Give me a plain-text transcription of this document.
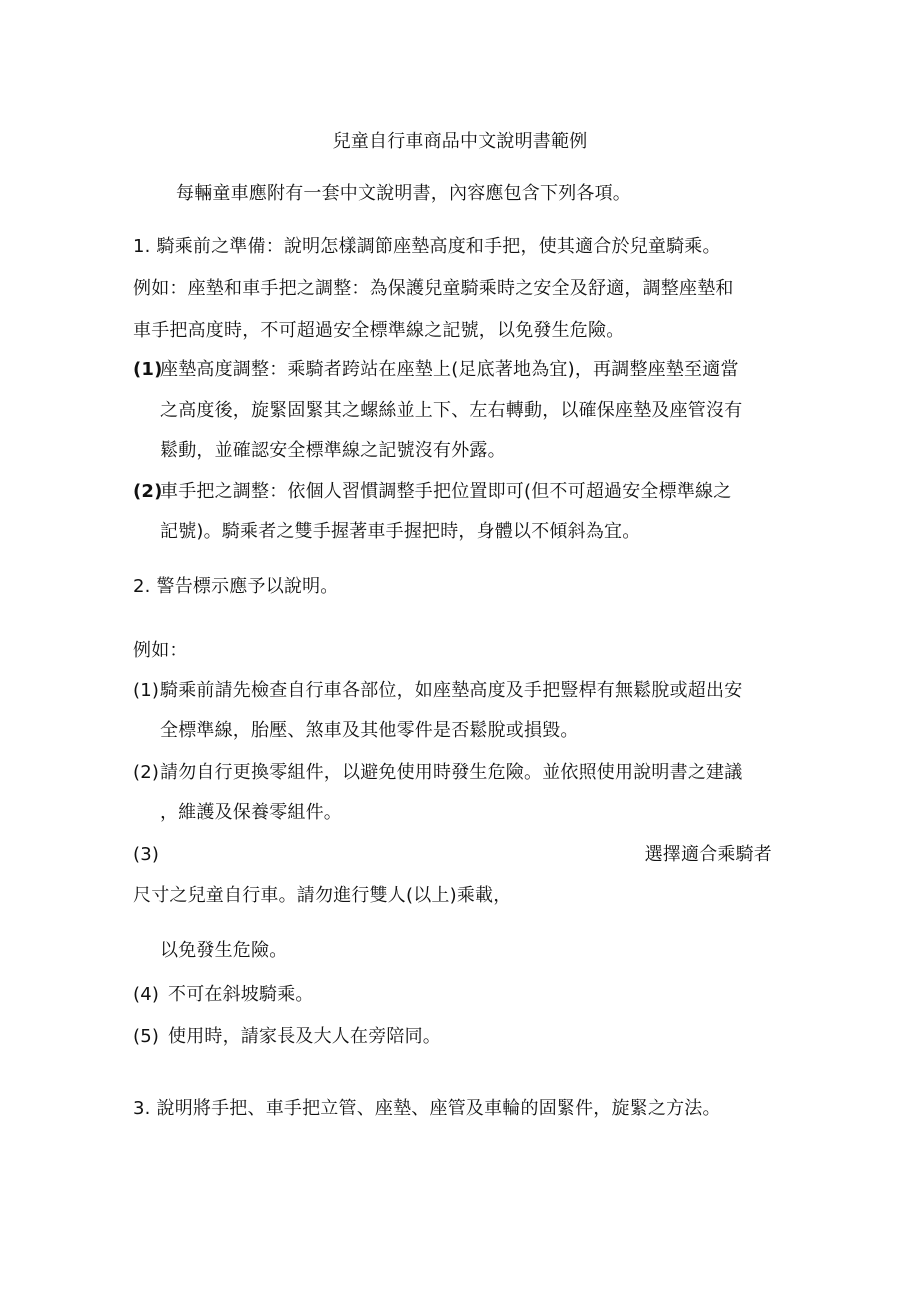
兒童自行車商品中文說明書範例
每輛童車應附有一套中文說明書，內容應包含下列各項。
1. 騎乘前之準備：說明怎樣調節座墊高度和手把，使其適合於兒童騎乘。
例如：座墊和車手把之調整：為保護兒童騎乘時之安全及舒適，調整座墊和
車手把高度時，不可超過安全標準線之記號，以免發生危險。
(1)
座墊高度調整：乘騎者跨站在座墊上(足底著地為宜)，再調整座墊至適當
之高度後，旋緊固緊其之螺絲並上下、左右轉動，以確保座墊及座管沒有
鬆動，並確認安全標準線之記號沒有外露。
(2)
車手把之調整：依個人習慣調整手把位置即可(但不可超過安全標準線之
記號)。騎乘者之雙手握著車手握把時，身體以不傾斜為宜。
2. 警告標示應予以說明。
例如：
(1) 騎乘前請先檢查自行車各部位，如座墊高度及手把豎桿有無鬆脫或超出安
全標準線，胎壓、煞車及其他零件是否鬆脫或損毀。
(2) 請勿自行更換零組件，以避免使用時發生危險。並依照使用說明書之建議
，維護及保養零組件。
(3)	選擇適合乘騎者
尺寸之兒童自行車。請勿進行雙人(以上)乘載，
以免發生危險。
(4) 不可在斜坡騎乘。
(5) 使用時，請家長及大人在旁陪同。
3. 說明將手把、車手把立管、座墊、座管及車輪的固緊件，旋緊之方法。
